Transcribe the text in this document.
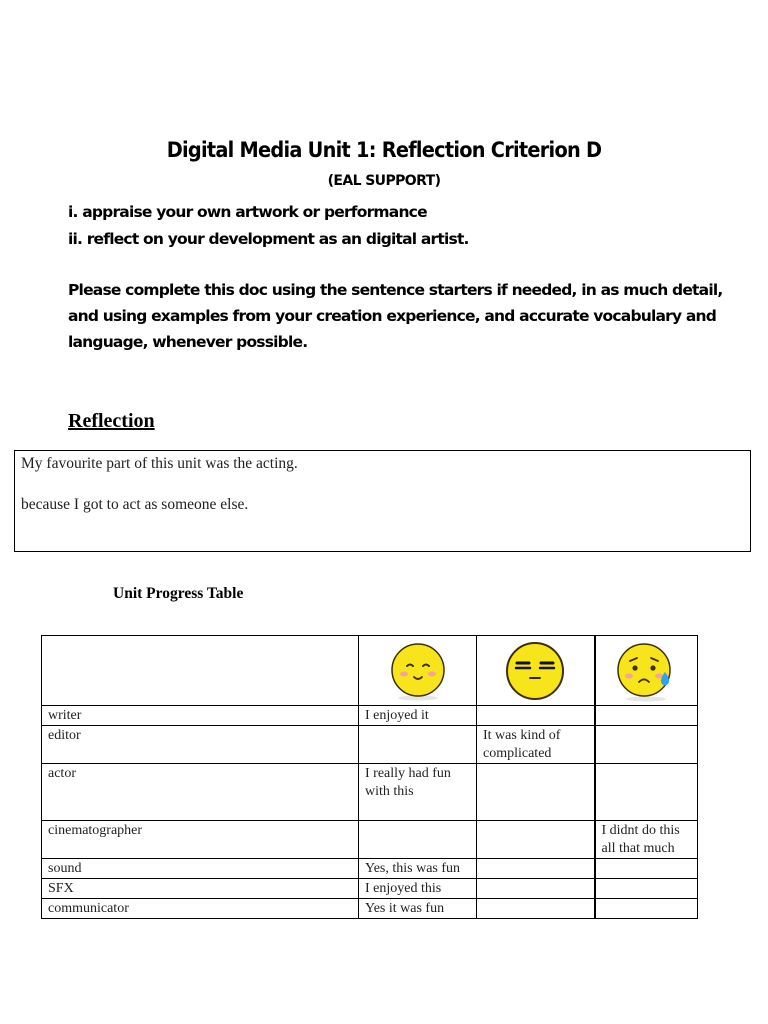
Digital Media Unit 1: Reflection Criterion D
(EAL SUPPORT)
i. appraise your own artwork or performance
ii. reflect on your development as an digital artist.
Please complete this doc using the sentence starters if needed, in as much detail, and using examples from your creation experience, and accurate vocabulary and language, whenever possible.
Reflection

My favourite part of this unit was the acting.

because I got to act as someone else.

Unit Progress Table

writer	I enjoyed it		
editor		It was kind of complicated	
actor	I really had fun with this		
cinematographer			I didnt do this all that much
sound	Yes, this was fun		
SFX	I enjoyed this		
communicator	Yes it was fun		
